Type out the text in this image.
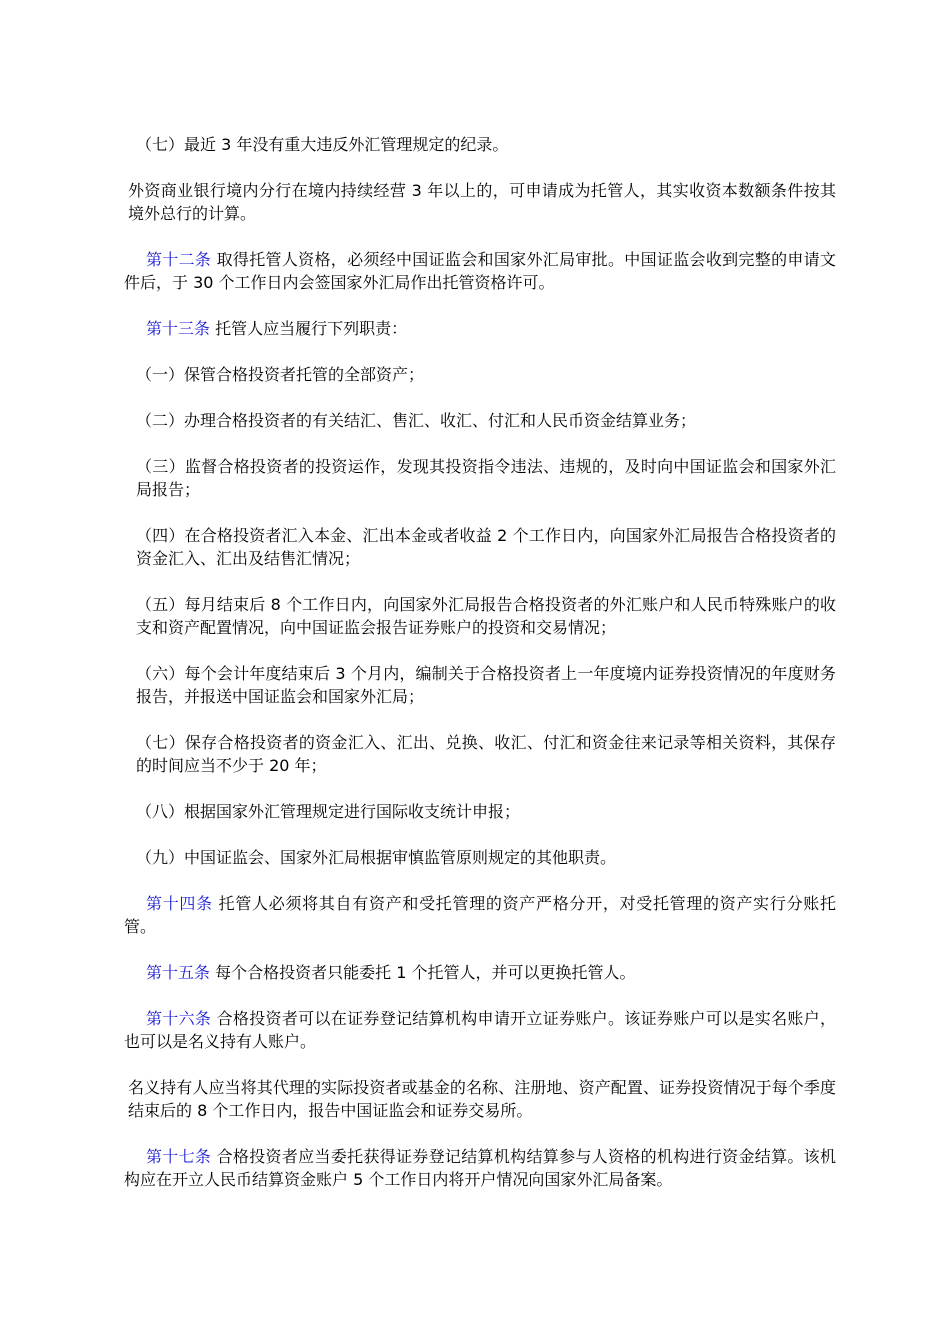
（七）最近 3 年没有重大违反外汇管理规定的纪录。

外资商业银行境内分行在境内持续经营 3 年以上的，可申请成为托管人，其实收资本数额条件按其境外总行的计算。

第十二条 取得托管人资格，必须经中国证监会和国家外汇局审批。中国证监会收到完整的申请文件后，于 30 个工作日内会签国家外汇局作出托管资格许可。

第十三条 托管人应当履行下列职责：

（一）保管合格投资者托管的全部资产；

（二）办理合格投资者的有关结汇、售汇、收汇、付汇和人民币资金结算业务；

（三）监督合格投资者的投资运作，发现其投资指令违法、违规的，及时向中国证监会和国家外汇局报告；

（四）在合格投资者汇入本金、汇出本金或者收益 2 个工作日内，向国家外汇局报告合格投资者的资金汇入、汇出及结售汇情况；

（五）每月结束后 8 个工作日内，向国家外汇局报告合格投资者的外汇账户和人民币特殊账户的收支和资产配置情况，向中国证监会报告证券账户的投资和交易情况；

（六）每个会计年度结束后 3 个月内，编制关于合格投资者上一年度境内证券投资情况的年度财务报告，并报送中国证监会和国家外汇局；

（七）保存合格投资者的资金汇入、汇出、兑换、收汇、付汇和资金往来记录等相关资料，其保存的时间应当不少于 20 年；

（八）根据国家外汇管理规定进行国际收支统计申报；

（九）中国证监会、国家外汇局根据审慎监管原则规定的其他职责。

第十四条 托管人必须将其自有资产和受托管理的资产严格分开，对受托管理的资产实行分账托管。

第十五条 每个合格投资者只能委托 1 个托管人，并可以更换托管人。

第十六条 合格投资者可以在证券登记结算机构申请开立证券账户。该证券账户可以是实名账户，也可以是名义持有人账户。

名义持有人应当将其代理的实际投资者或基金的名称、注册地、资产配置、证券投资情况于每个季度结束后的 8 个工作日内，报告中国证监会和证券交易所。

第十七条 合格投资者应当委托获得证券登记结算机构结算参与人资格的机构进行资金结算。该机构应在开立人民币结算资金账户 5 个工作日内将开户情况向国家外汇局备案。
